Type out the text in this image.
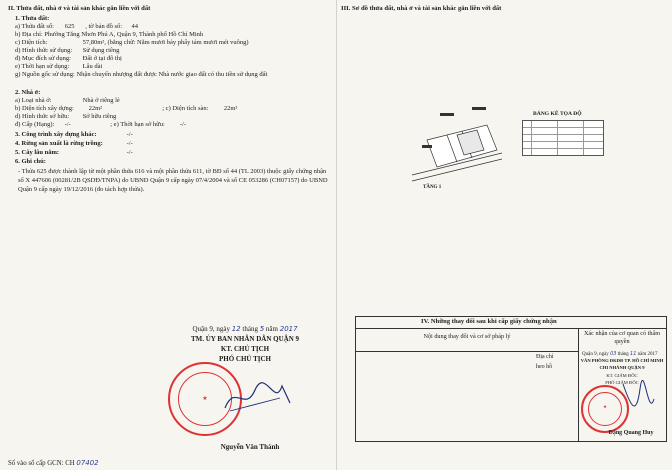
II. Thửa đất, nhà ở và tài sản khác gắn liền với đất
1. Thửa đất:
a) Thửa đất số: 625 , tờ bản đồ số: 44
b) Địa chỉ: Phường Tăng Nhơn Phú A, Quận 9, Thành phố Hồ Chí Minh
c) Diện tích:	57,80m², (bằng chữ: Năm mươi bảy phẩy tám mươi mét vuông)
d) Hình thức sử dụng: Sử dụng riêng
đ) Mục đích sử dụng: Đất ở tại đô thị
e) Thời hạn sử dụng: Lâu dài
g) Nguồn gốc sử dụng: Nhận chuyển nhượng đất được Nhà nước giao đất có thu tiền sử dụng đất
2. Nhà ở:
a) Loại nhà ở:	Nhà ở riêng lẻ
b) Diện tích xây dựng: 22m²	; c) Diện tích sàn: 22m²
d) Hình thức sở hữu: Sở hữu riêng
đ) Cấp (Hạng): -/-	; e) Thời hạn sở hữu: -/-
3. Công trình xây dựng khác:	-/-
4. Rừng sản xuất là rừng trồng:	-/-
5. Cây lâu năm:	-/-
6. Ghi chú:
- Thửa 625 được thành lập từ một phần thửa 616 và một phần thửa 611, tờ BĐ số 44 (TL 2003) thuộc giấy chứng nhận số X 447606 (00281/2B QSDĐ/TNPA) do UBND Quận 9 cấp ngày 07/4/2004 và số CE 053286 (CH07157) do UBND Quận 9 cấp ngày 19/12/2016 (đo tách hợp thửa).
Quận 9, ngày 12 tháng 5 năm 2017
TM. ỦY BAN NHÂN DÂN QUẬN 9
KT. CHỦ TỊCH
PHÓ CHỦ TỊCH
★
Nguyễn Văn Thành
Số vào sổ cấp GCN: CH 07402
III. Sơ đồ thửa đất, nhà ở và tài sản khác gắn liền với đất
TẦNG 1
BẢNG KÊ TỌA ĐỘ
IV. Những thay đổi sau khi cấp giấy chứng nhận
Nội dung thay đổi và cơ sở pháp lý	Xác nhận của cơ quan có thẩm quyền
Địa chỉ
heo hồ
Quận 9, ngày 03 tháng 11 năm 2017
VĂN PHÒNG ĐKĐĐ TP. HỒ CHÍ MINH
CHI NHÁNH QUẬN 9
KT. GIÁM ĐỐC
PHÓ GIÁM ĐỐC
★
Đặng Quang Huy
